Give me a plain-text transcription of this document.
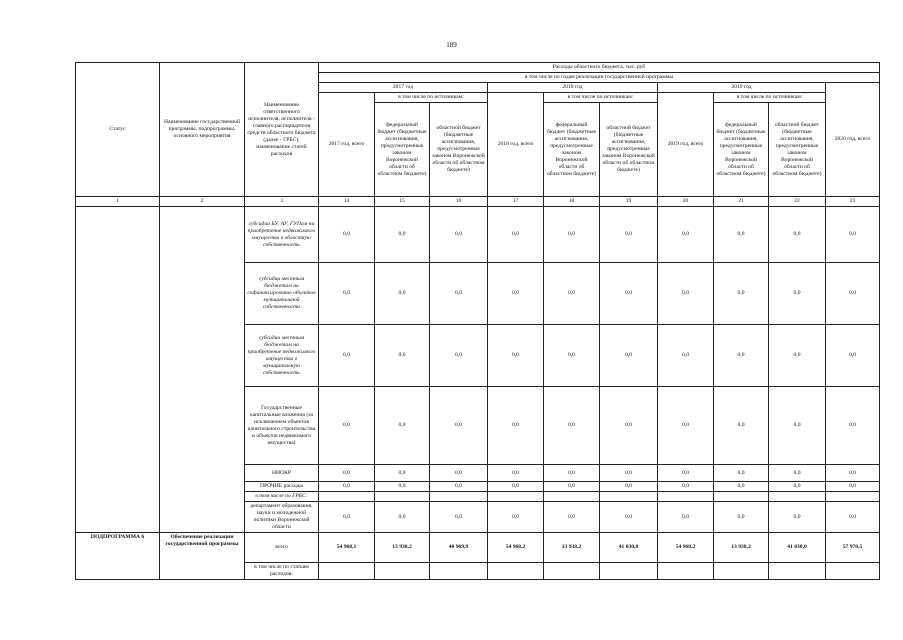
189
Статус	Наименование государственной программы, подпрограммы, основного мероприятия	Наименование ответственного исполнителя, исполнителя - главного распорядителя средств областного бюджета (далее - ГРБС), наименование статей расходов	Расходы областного бюджета, тыс. руб									
			в том числе по годам реализации государственной программы									
			2017 год			2018 год			2019 год			2020 год, всего
			2017 год, всего	в том числе по источникам:		2018 год, всего	в том числе по источникам:		2019 год, всего	в том числе по источникам:		
				федеральный бюджет (бюджетные ассигнования, предусмотренные законом Воронежской области об областном бюджете)	областной бюджет (бюджетные ассигнования, предусмотренные законом Воронежской области об областном бюджете)		федеральный бюджет (бюджетные ассигнования, предусмотренные законом Воронежской области об областном бюджете)	областной бюджет (бюджетные ассигнования, предусмотренные законом Воронежской области об областном бюджете)		федеральный бюджет (бюджетные ассигнования, предусмотренные законом Воронежской области об областном бюджете)	областной бюджет (бюджетные ассигнования, предусмотренные законом Воронежской области об областном бюджете)	
1	2	3	14	15	16	17	18	19	20	21	22	23
		субсидии БУ, АУ, ГУПам на приобретение недвижимого имущества в областную собственность	0,0	0,0	0,0	0,0	0,0	0,0	0,0	0,0	0,0	0,0
		субсидии местным бюджетам на софинансирование объектов муниципальной собственности	0,0	0,0	0,0	0,0	0,0	0,0	0,0	0,0	0,0	0,0
		субсидии местным бюджетам на приобретение недвижимого имущества в муниципальную собственность	0,0	0,0	0,0	0,0	0,0	0,0	0,0	0,0	0,0	0,0
		Государственные капитальные вложения (за исключением объектов капитального строительства и объектов недвижимого имущества)	0,0	0,0	0,0	0,0	0,0	0,0	0,0	0,0	0,0	0,0
		НИОКР	0,0	0,0	0,0	0,0	0,0	0,0	0,0	0,0	0,0	0,0
		ПРОЧИЕ расходы	0,0	0,0	0,0	0,0	0,0	0,0	0,0	0,0	0,0	0,0
		в том числе по ГРБС:										
		департамент образования, науки и молодежной политики Воронежской области	0,0	0,0	0,0	0,0	0,0	0,0	0,0	0,0	0,0	0,0
ПОДПРОГРАММА 6	Обеспечение реализации государственной программы	всего	54 968,1	13 938,2	40 969,9	54 968,2	13 938,2	41 030,0	54 968,2	13 938,2	41 030,0	57 970,5
		в том числе по статьям расходов:										
